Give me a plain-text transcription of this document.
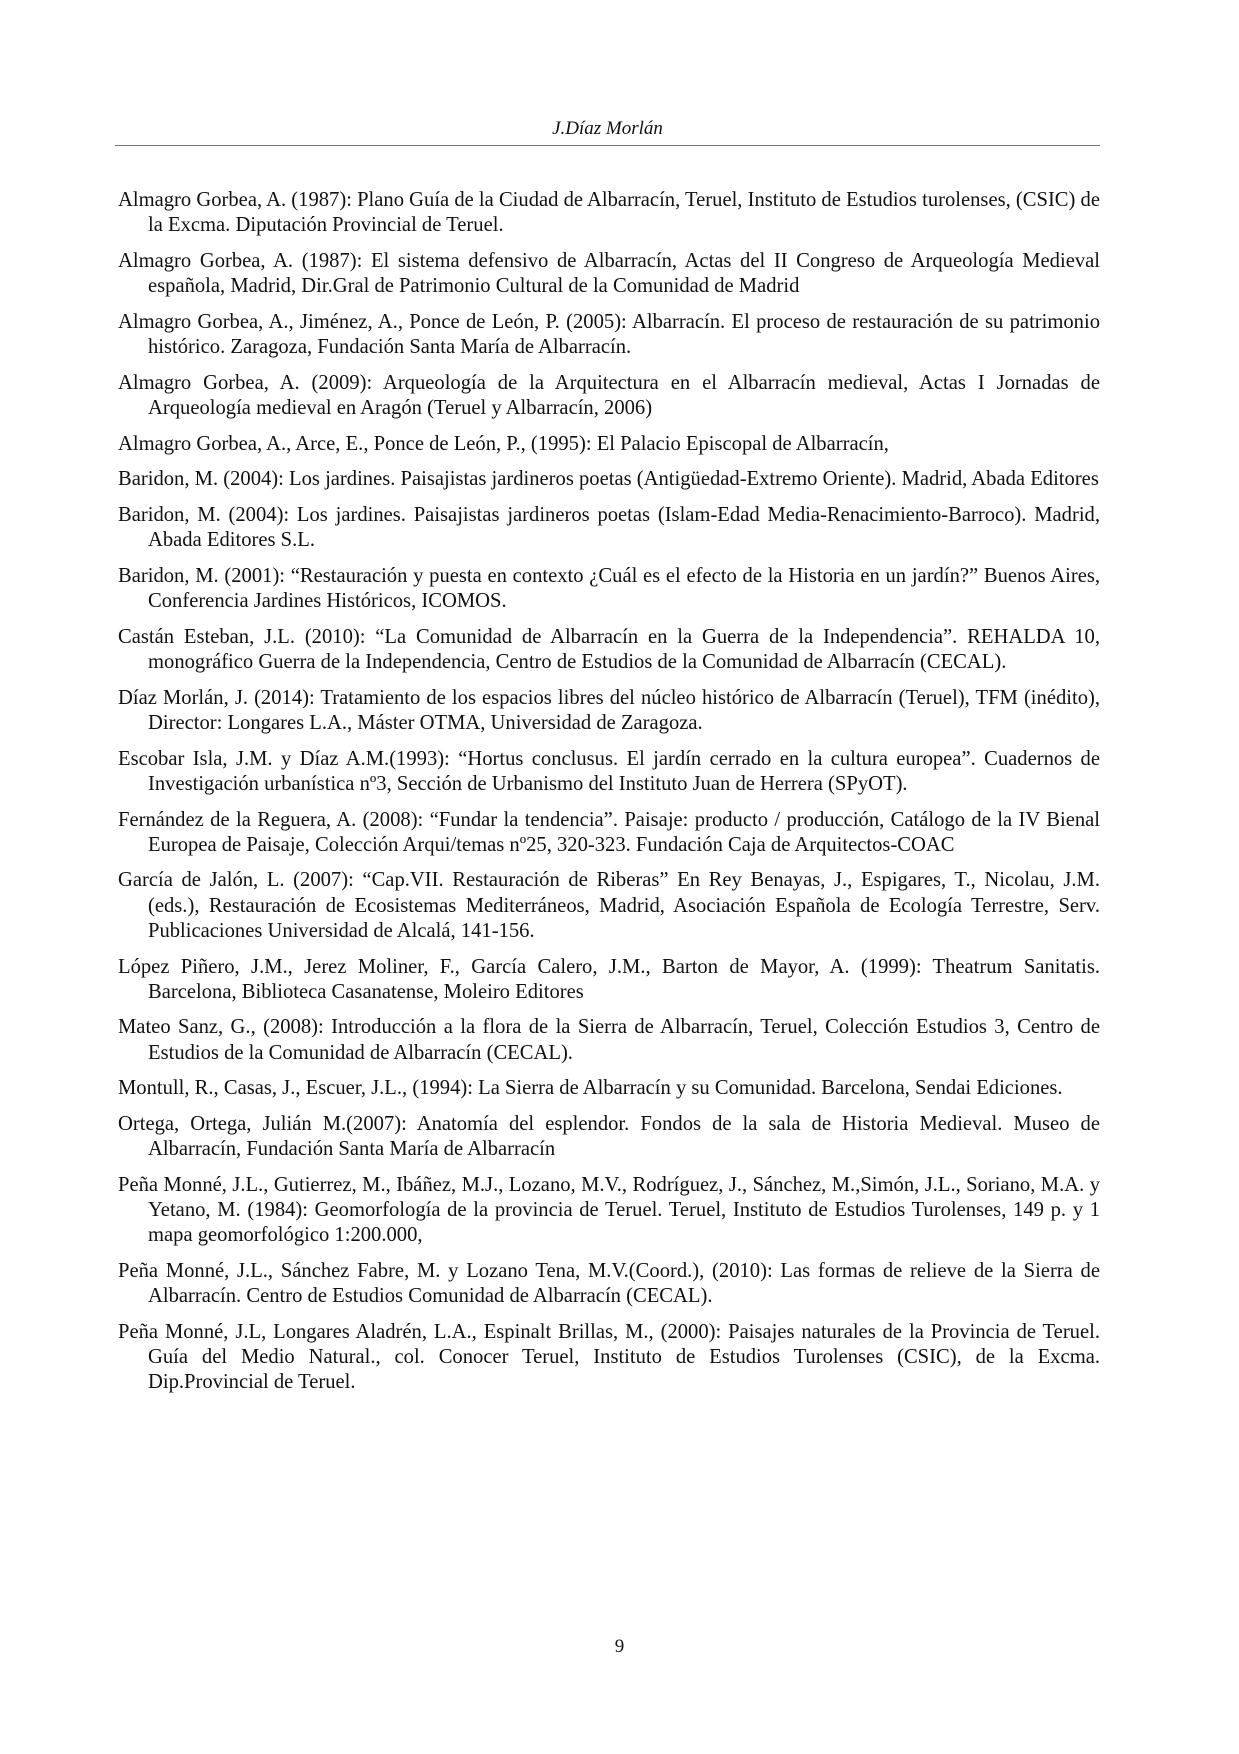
J.Díaz Morlán
Almagro Gorbea, A. (1987): Plano Guía de la Ciudad de Albarracín, Teruel, Instituto de Estudios turolenses, (CSIC) de la Excma. Diputación Provincial de Teruel.
Almagro Gorbea, A. (1987): El sistema defensivo de Albarracín, Actas del II Congreso de Arqueología Medieval española, Madrid, Dir.Gral de Patrimonio Cultural de la Comunidad de Madrid
Almagro Gorbea, A., Jiménez, A., Ponce de León, P. (2005): Albarracín. El proceso de restauración de su patrimonio histórico. Zaragoza, Fundación Santa María de Albarracín.
Almagro Gorbea, A. (2009): Arqueología de la Arquitectura en el Albarracín medieval, Actas I Jornadas de Arqueología medieval en Aragón (Teruel y Albarracín, 2006)
Almagro Gorbea, A., Arce, E., Ponce de León, P., (1995): El Palacio Episcopal de Albarracín,
Baridon, M. (2004): Los jardines. Paisajistas jardineros poetas (Antigüedad-Extremo Oriente). Madrid, Abada Editores
Baridon, M. (2004): Los jardines. Paisajistas jardineros poetas (Islam-Edad Media-Renacimiento-Barroco). Madrid, Abada Editores S.L.
Baridon, M. (2001): “Restauración y puesta en contexto ¿Cuál es el efecto de la Historia en un jardín?” Buenos Aires, Conferencia Jardines Históricos, ICOMOS.
Castán Esteban, J.L. (2010): “La Comunidad de Albarracín en la Guerra de la Independencia”. REHALDA 10, monográfico Guerra de la Independencia, Centro de Estudios de la Comunidad de Albarracín (CECAL).
Díaz Morlán, J. (2014): Tratamiento de los espacios libres del núcleo histórico de Albarracín (Teruel), TFM (inédito), Director: Longares L.A., Máster OTMA, Universidad de Zaragoza.
Escobar Isla, J.M. y Díaz A.M.(1993): “Hortus conclusus. El jardín cerrado en la cultura europea”. Cuadernos de Investigación urbanística nº3, Sección de Urbanismo del Instituto Juan de Herrera (SPyOT).
Fernández de la Reguera, A. (2008): “Fundar la tendencia”. Paisaje: producto / producción, Catálogo de la IV Bienal Europea de Paisaje, Colección Arqui/temas nº25, 320-323. Fundación Caja de Arquitectos-COAC
García de Jalón, L. (2007): “Cap.VII. Restauración de Riberas” En Rey Benayas, J., Espigares, T., Nicolau, J.M. (eds.), Restauración de Ecosistemas Mediterráneos, Madrid, Asociación Española de Ecología Terrestre, Serv. Publicaciones Universidad de Alcalá, 141-156.
López Piñero, J.M., Jerez Moliner, F., García Calero, J.M., Barton de Mayor, A. (1999): Theatrum Sanitatis. Barcelona, Biblioteca Casanatense, Moleiro Editores
Mateo Sanz, G., (2008): Introducción a la flora de la Sierra de Albarracín, Teruel, Colección Estudios 3, Centro de Estudios de la Comunidad de Albarracín (CECAL).
Montull, R., Casas, J., Escuer, J.L., (1994): La Sierra de Albarracín y su Comunidad. Barcelona, Sendai Ediciones.
Ortega, Ortega, Julián M.(2007): Anatomía del esplendor. Fondos de la sala de Historia Medieval. Museo de Albarracín, Fundación Santa María de Albarracín
Peña Monné, J.L., Gutierrez, M., Ibáñez, M.J., Lozano, M.V., Rodríguez, J., Sánchez, M.,Simón, J.L., Soriano, M.A. y Yetano, M. (1984): Geomorfología de la provincia de Teruel. Teruel, Instituto de Estudios Turolenses, 149 p. y 1 mapa geomorfológico 1:200.000,
Peña Monné, J.L., Sánchez Fabre, M. y Lozano Tena, M.V.(Coord.), (2010): Las formas de relieve de la Sierra de Albarracín. Centro de Estudios Comunidad de Albarracín (CECAL).
Peña Monné, J.L, Longares Aladrén, L.A., Espinalt Brillas, M., (2000): Paisajes naturales de la Provincia de Teruel. Guía del Medio Natural., col. Conocer Teruel, Instituto de Estudios Turolenses (CSIC), de la Excma. Dip.Provincial de Teruel.
9
